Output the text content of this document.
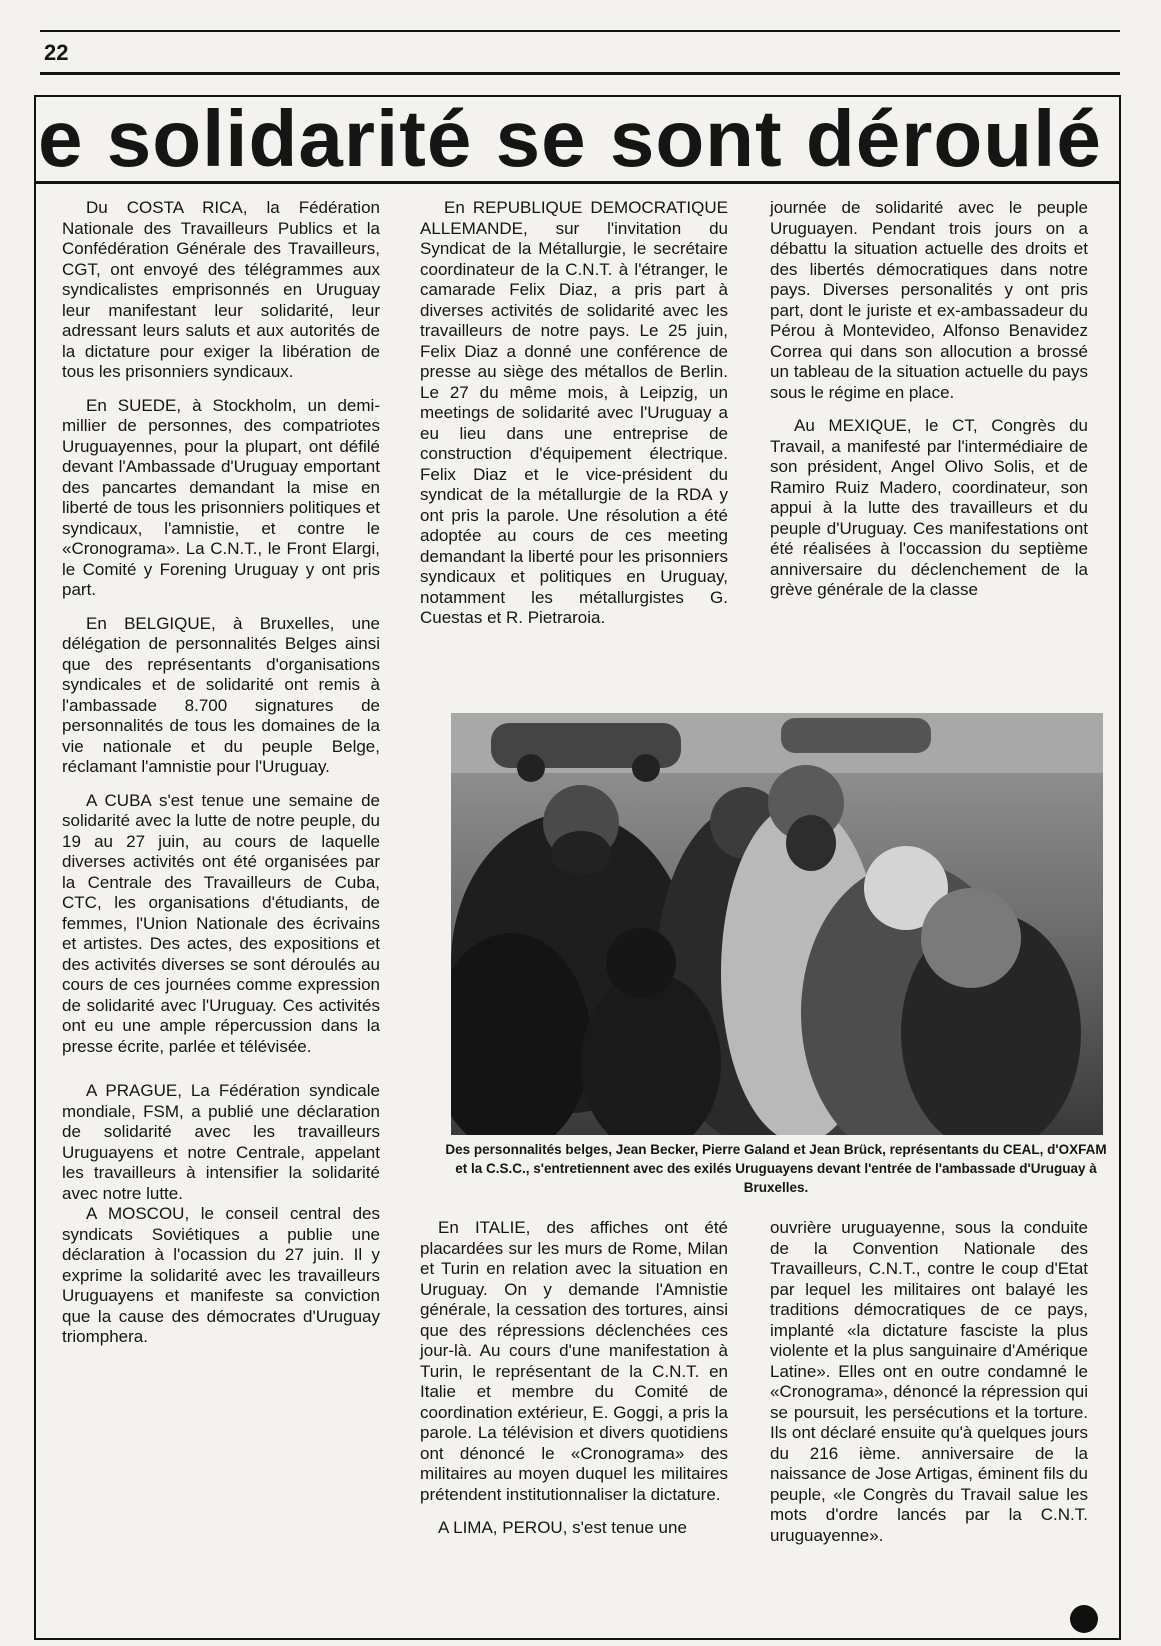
22
e solidarité se sont déroulé

Du COSTA RICA, la Fédération Nationale des Travailleurs Publics et la Confédération Générale des Travailleurs, CGT, ont envoyé des télégrammes aux syndicalistes emprisonnés en Uruguay leur manifestant leur solidarité, leur adressant leurs saluts et aux autorités de la dictature pour exiger la libération de tous les prisonniers syndicaux.

En SUEDE, à Stockholm, un demi-millier de personnes, des compatriotes Uruguayennes, pour la plupart, ont défilé devant l'Ambassade d'Uruguay emportant des pancartes demandant la mise en liberté de tous les prisonniers politiques et syndicaux, l'amnistie, et contre le «Cronograma». La C.N.T., le Front Elargi, le Comité y Forening Uruguay y ont pris part.

En BELGIQUE, à Bruxelles, une délégation de personnalités Belges ainsi que des représentants d'organisations syndicales et de solidarité ont remis à l'ambassade 8.700 signatures de personnalités de tous les domaines de la vie nationale et du peuple Belge, réclamant l'amnistie pour l'Uruguay.

A CUBA s'est tenue une semaine de solidarité avec la lutte de notre peuple, du 19 au 27 juin, au cours de laquelle diverses activités ont été organisées par la Centrale des Travailleurs de Cuba, CTC, les organisations d'étudiants, de femmes, l'Union Nationale des écrivains et artistes. Des actes, des expositions et des activités diverses se sont déroulés au cours de ces journées comme expression de solidarité avec l'Uruguay. Ces activités ont eu une ample répercussion dans la presse écrite, parlée et télévisée.

A PRAGUE, La Fédération syndicale mondiale, FSM, a publié une déclaration de solidarité avec les travailleurs Uruguayens et notre Centrale, appelant les travailleurs à intensifier la solidarité avec notre lutte.

A MOSCOU, le conseil central des syndicats Soviétiques a publie une déclaration à l'ocassion du 27 juin. Il y exprime la solidarité avec les travailleurs Uruguayens et manifeste sa conviction que la cause des démocrates d'Uruguay triomphera.

En REPUBLIQUE DEMOCRATIQUE ALLEMANDE, sur l'invitation du Syndicat de la Métallurgie, le secrétaire coordinateur de la C.N.T. à l'étranger, le camarade Felix Diaz, a pris part à diverses activités de solidarité avec les travailleurs de notre pays. Le 25 juin, Felix Diaz a donné une conférence de presse au siège des métallos de Berlin. Le 27 du même mois, à Leipzig, un meetings de solidarité avec l'Uruguay a eu lieu dans une entreprise de construction d'équipement électrique. Felix Diaz et le vice-président du syndicat de la métallurgie de la RDA y ont pris la parole. Une résolution a été adoptée au cours de ces meeting demandant la liberté pour les prisonniers syndicaux et politiques en Uruguay, notamment les métallurgistes G. Cuestas et R. Pietraroia.

journée de solidarité avec le peuple Uruguayen. Pendant trois jours on a débattu la situation actuelle des droits et des libertés démocratiques dans notre pays. Diverses personalités y ont pris part, dont le juriste et ex-ambassadeur du Pérou à Montevideo, Alfonso Benavidez Correa qui dans son allocution a brossé un tableau de la situation actuelle du pays sous le régime en place.

Au MEXIQUE, le CT, Congrès du Travail, a manifesté par l'intermédiaire de son président, Angel Olivo Solis, et de Ramiro Ruiz Madero, coordinateur, son appui à la lutte des travailleurs et du peuple d'Uruguay. Ces manifestations ont été réalisées à l'occassion du septième anniversaire du déclenchement de la grève générale de la classe

Des personnalités belges, Jean Becker, Pierre Galand et Jean Brück, représentants du CEAL, d'OXFAM et la C.S.C., s'entretiennent avec des exilés Uruguayens devant l'entrée de l'ambassade d'Uruguay à Bruxelles.

En ITALIE, des affiches ont été placardées sur les murs de Rome, Milan et Turin en relation avec la situation en Uruguay. On y demande l'Amnistie générale, la cessation des tortures, ainsi que des répressions déclenchées ces jour-là. Au cours d'une manifestation à Turin, le représentant de la C.N.T. en Italie et membre du Comité de coordination extérieur, E. Goggi, a pris la parole. La télévision et divers quotidiens ont dénoncé le «Cronograma» des militaires au moyen duquel les militaires prétendent institutionnaliser la dictature.

A LIMA, PEROU, s'est tenue une

ouvrière uruguayenne, sous la conduite de la Convention Nationale des Travailleurs, C.N.T., contre le coup d'Etat par lequel les militaires ont balayé les traditions démocratiques de ce pays, implanté «la dictature fasciste la plus violente et la plus sanguinaire d'Amérique Latine». Elles ont en outre condamné le «Cronograma», dénoncé la répression qui se poursuit, les persécutions et la torture. Ils ont déclaré ensuite qu'à quelques jours du 216 ième. anniversaire de la naissance de Jose Artigas, éminent fils du peuple, «le Congrès du Travail salue les mots d'ordre lancés par la C.N.T. uruguayenne».
